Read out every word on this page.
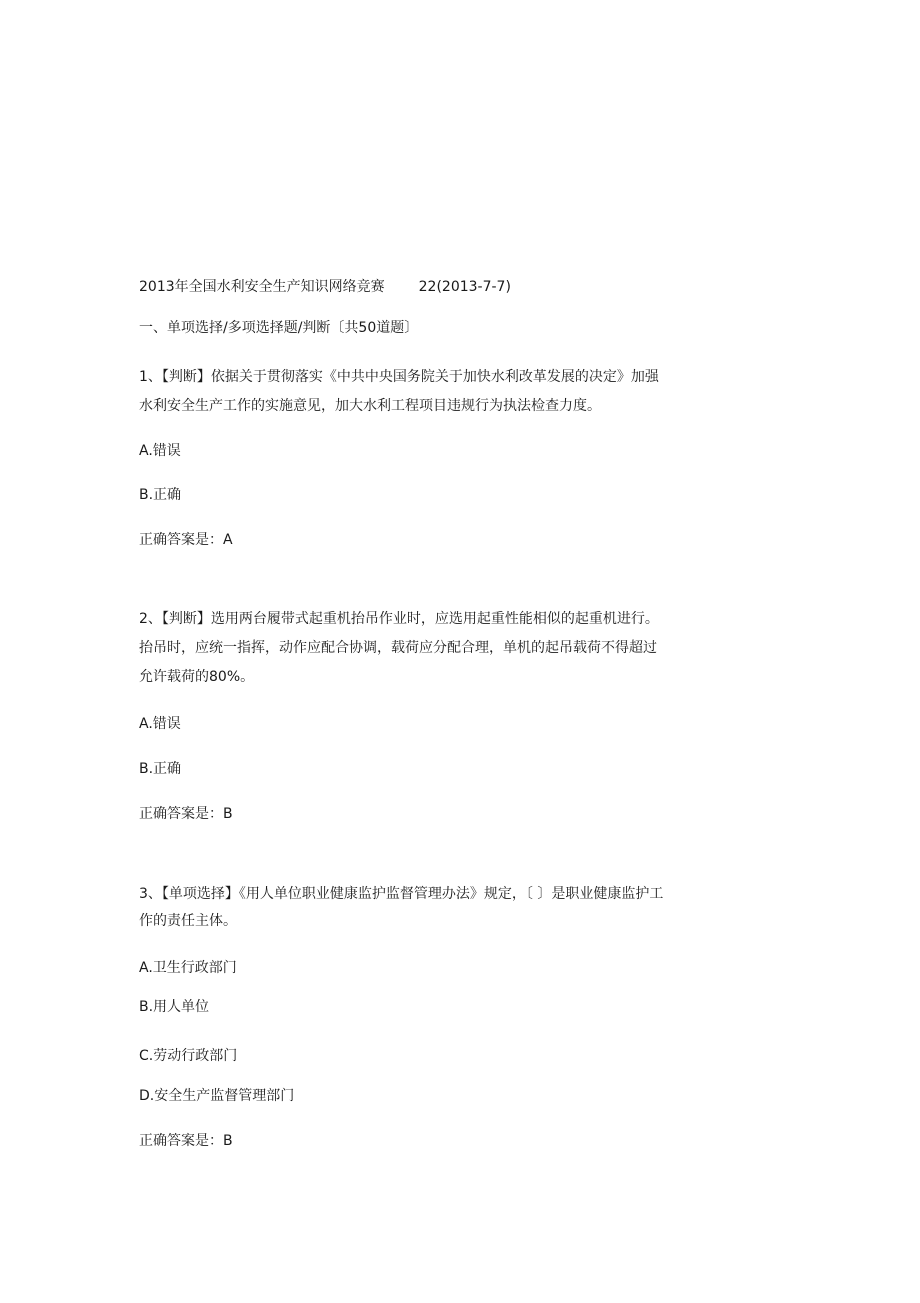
2013年全国水利安全生产知识网络竞赛 22(2013-7-7)
一、单项选择/多项选择题/判断〔共50道题〕
1、【判断】依据关于贯彻落实《中共中央国务院关于加快水利改革发展的决定》加强
水利安全生产工作的实施意见，加大水利工程项目违规行为执法检查力度。
A.错误
B.正确
正确答案是：A
2、【判断】选用两台履带式起重机抬吊作业时，应选用起重性能相似的起重机进行。
抬吊时，应统一指挥，动作应配合协调，载荷应分配合理，单机的起吊载荷不得超过
允许载荷的80%。
A.错误
B.正确
正确答案是：B
3、【单项选择】《用人单位职业健康监护监督管理办法》规定，〔 〕是职业健康监护工
作的责任主体。
A.卫生行政部门
B.用人单位
C.劳动行政部门
D.安全生产监督管理部门
正确答案是：B
